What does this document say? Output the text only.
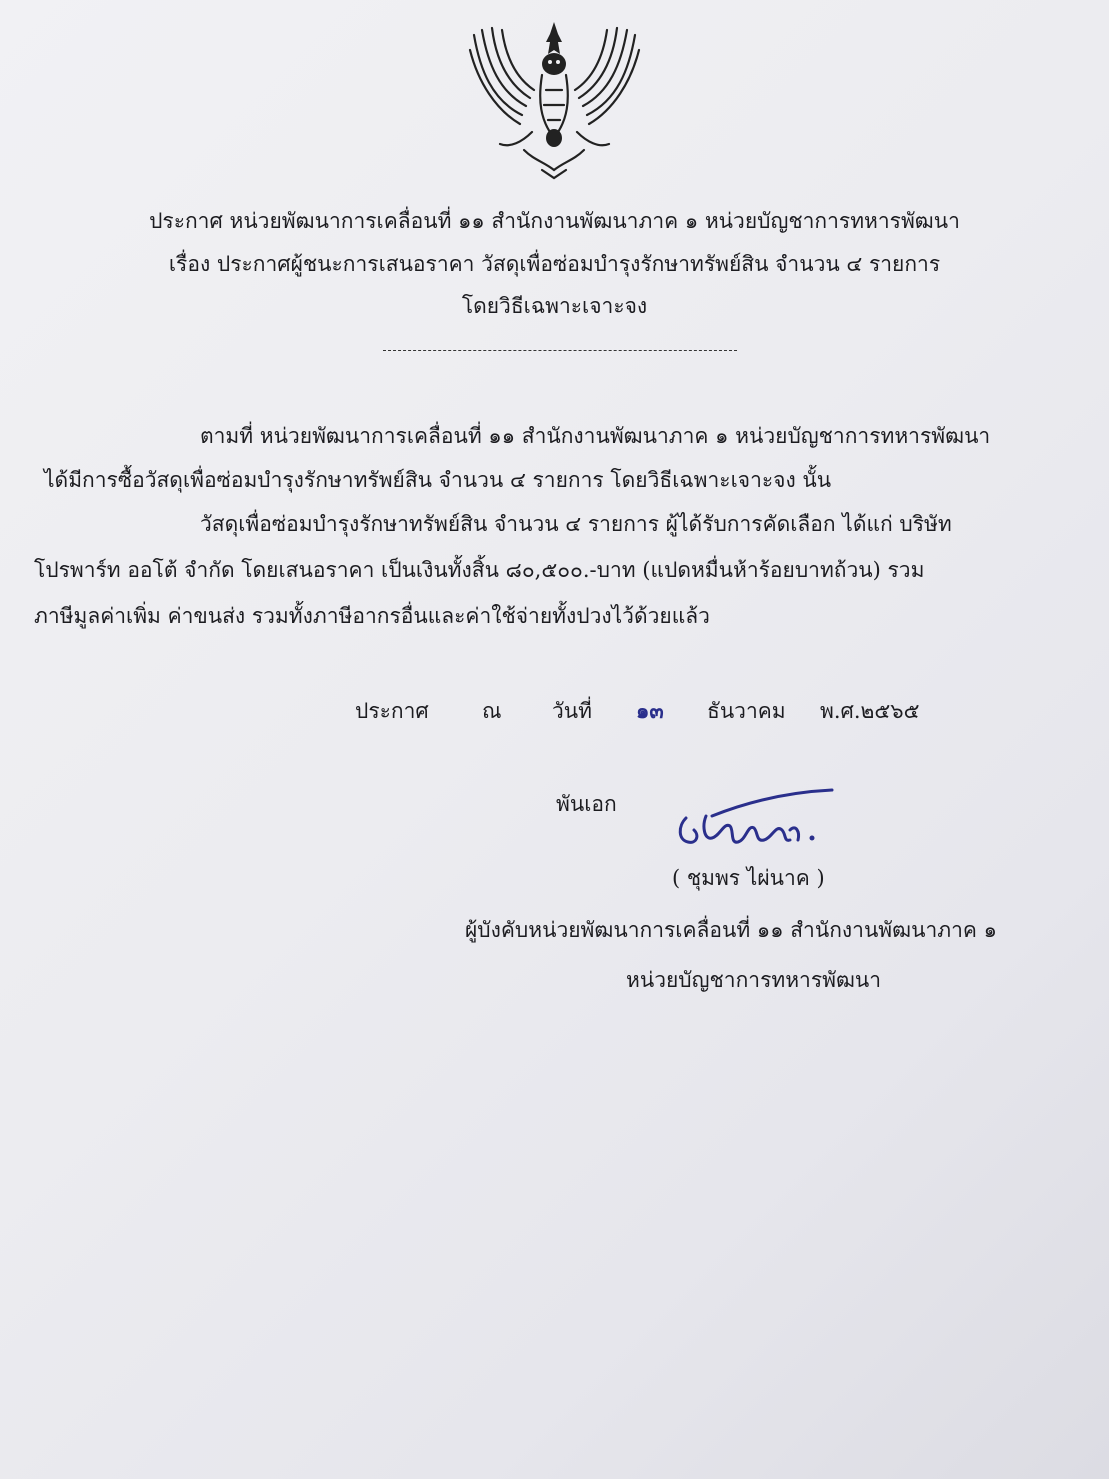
ประกาศ หน่วยพัฒนาการเคลื่อนที่ ๑๑ สำนักงานพัฒนาภาค ๑ หน่วยบัญชาการทหารพัฒนา
เรื่อง ประกาศผู้ชนะการเสนอราคา วัสดุเพื่อซ่อมบำรุงรักษาทรัพย์สิน จำนวน ๔ รายการ
โดยวิธีเฉพาะเจาะจง
ตามที่ หน่วยพัฒนาการเคลื่อนที่ ๑๑ สำนักงานพัฒนาภาค ๑ หน่วยบัญชาการทหารพัฒนา
ได้มีการซื้อวัสดุเพื่อซ่อมบำรุงรักษาทรัพย์สิน จำนวน ๔ รายการ โดยวิธีเฉพาะเจาะจง นั้น
วัสดุเพื่อซ่อมบำรุงรักษาทรัพย์สิน จำนวน ๔ รายการ ผู้ได้รับการคัดเลือก ได้แก่ บริษัท
โปรพาร์ท ออโต้ จำกัด โดยเสนอราคา เป็นเงินทั้งสิ้น ๘๐,๕๐๐.-บาท (แปดหมื่นห้าร้อยบาทถ้วน) รวม
ภาษีมูลค่าเพิ่ม ค่าขนส่ง รวมทั้งภาษีอากรอื่นและค่าใช้จ่ายทั้งปวงไว้ด้วยแล้ว
ประกาศ	ณ วันที่ ๑๓ ธันวาคม พ.ศ.๒๕๖๕
พันเอก
( ชุมพร ไผ่นาค )
ผู้บังคับหน่วยพัฒนาการเคลื่อนที่ ๑๑ สำนักงานพัฒนาภาค ๑
หน่วยบัญชาการทหารพัฒนา
